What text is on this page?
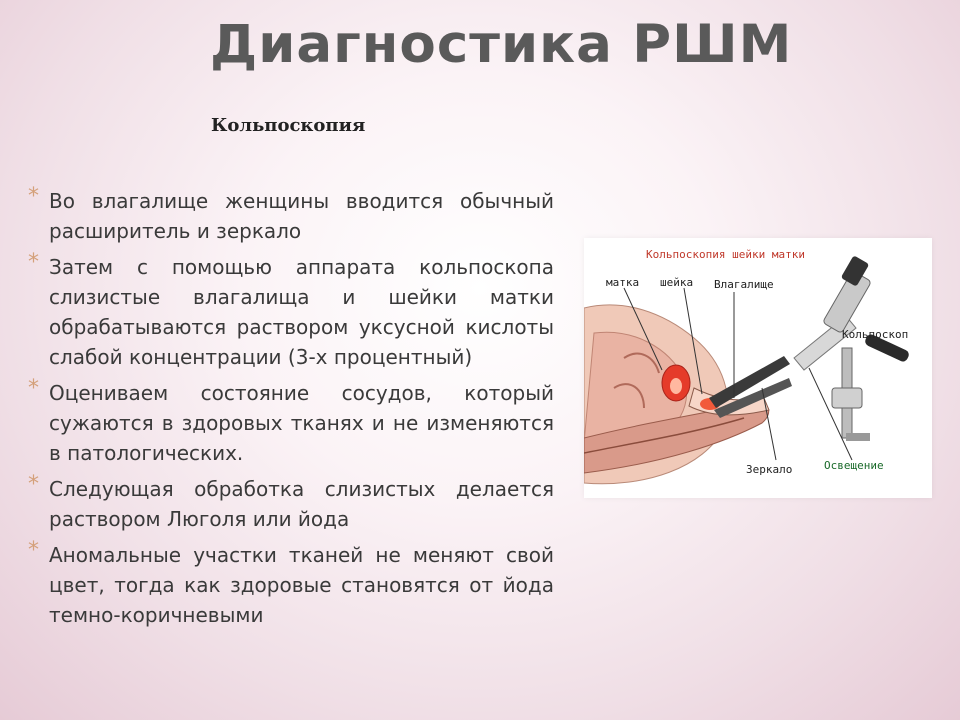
Диагностика РШМ
Кольпоскопия
* Во влагалище женщины вводится обычный расширитель и зеркало
* Затем с помощью аппарата кольпоскопа слизистые влагалища и шейки матки обрабатываются раствором уксусной кислоты слабой концентрации (3-х процентный)
* Оцениваем состояние сосудов, который сужаются в здоровых тканях и не изменяются в патологических.
* Следующая обработка слизистых делается раствором Люголя или йода
* Аномальные участки тканей не меняют свой цвет, тогда как здоровые становятся от йода темно-коричневыми
Кольпоскопия шейки матки
матка шейка Влагалище
Кольпоскоп
Зеркало	Освещение
